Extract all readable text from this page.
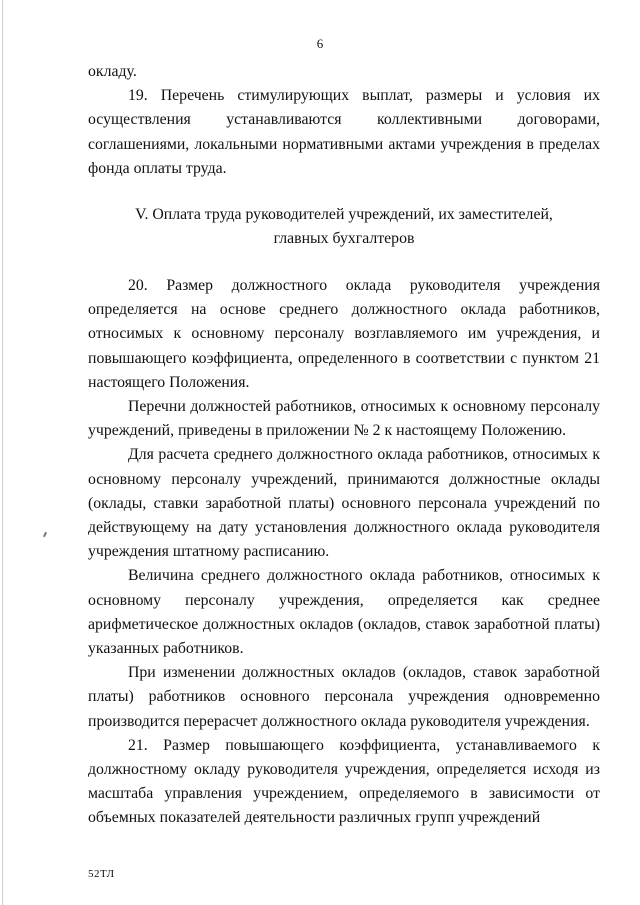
6

окладу.

19. Перечень стимулирующих выплат, размеры и условия их осуществления устанавливаются коллективными договорами, соглашениями, локальными нормативными актами учреждения в пределах фонда оплаты труда.

V. Оплата труда руководителей учреждений, их заместителей,
главных бухгалтеров

20. Размер должностного оклада руководителя учреждения определяется на основе среднего должностного оклада работников, относимых к основному персоналу возглавляемого им учреждения, и повышающего коэффициента, определенного в соответствии с пунктом 21 настоящего Положения.

Перечни должностей работников, относимых к основному персоналу учреждений, приведены в приложении № 2 к настоящему Положению.

Для расчета среднего должностного оклада работников, относимых к основному персоналу учреждений, принимаются должностные оклады (оклады, ставки заработной платы) основного персонала учреждений по действующему на дату установления должностного оклада руководителя учреждения штатному расписанию.

Величина среднего должностного оклада работников, относимых к основному персоналу учреждения, определяется как среднее арифметическое должностных окладов (окладов, ставок заработной платы) указанных работников.

При изменении должностных окладов (окладов, ставок заработной платы) работников основного персонала учреждения одновременно производится перерасчет должностного оклада руководителя учреждения.

21. Размер повышающего коэффициента, устанавливаемого к должностному окладу руководителя учреждения, определяется исходя из масштаба управления учреждением, определяемого в зависимости от объемных показателей деятельности различных групп учреждений

52ТЛ
